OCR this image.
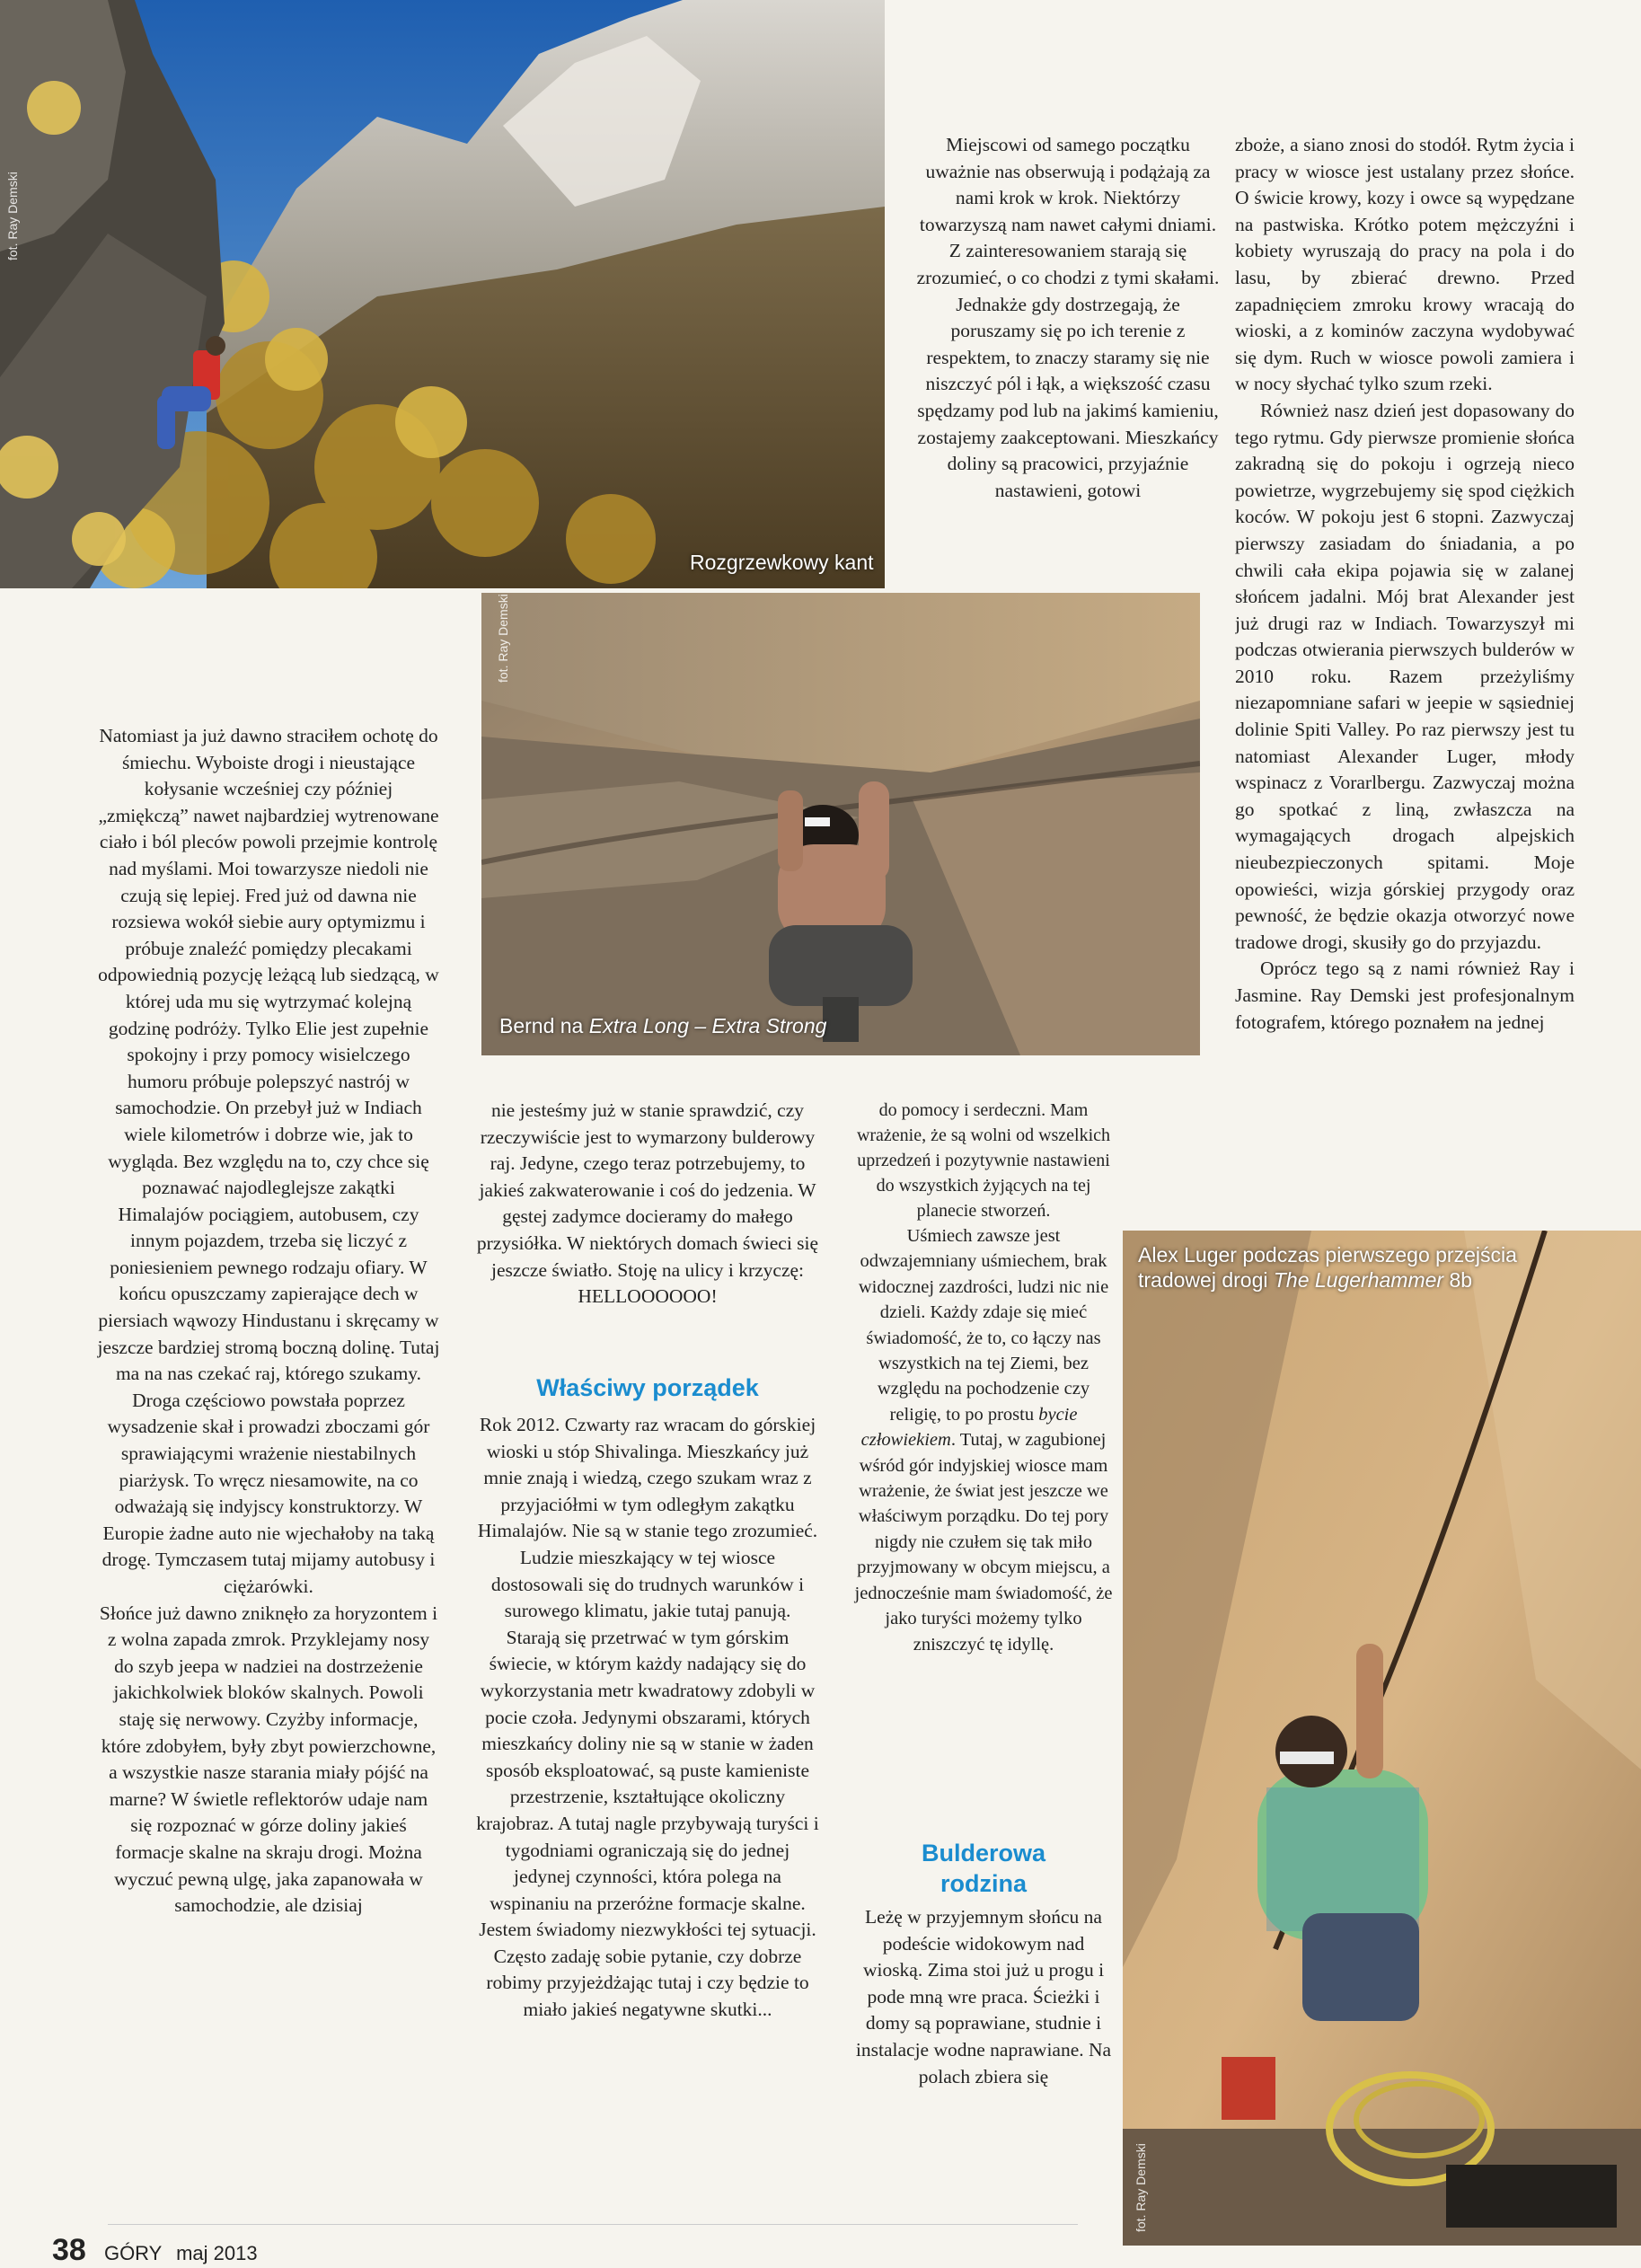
fot. Ray Demski
Rozgrzewkowy kant
fot. Ray Demski
Bernd na Extra Long – Extra Strong
Alex Luger podczas pierwszego przejścia
tradowej drogi The Lugerhammer 8b
fot. Ray Demski

Miejscowi od samego początku uważnie nas obserwują i podążają za nami krok w krok. Niektórzy towarzyszą nam nawet całymi dniami. Z zainteresowaniem starają się zrozumieć, o co chodzi z tymi skałami. Jednakże gdy dostrzegają, że poruszamy się po ich terenie z respektem, to znaczy staramy się nie niszczyć pól i łąk, a większość czasu spędzamy pod lub na jakimś kamieniu, zostajemy zaakceptowani. Mieszkańcy doliny są pracowici, przyjaźnie nastawieni, gotowi

zboże, a siano znosi do stodół. Rytm życia i pracy w wiosce jest ustalany przez słońce. O świcie krowy, kozy i owce są wypędzane na pastwiska. Krótko potem mężczyźni i kobiety wyruszają do pracy na pola i do lasu, by zbierać drewno. Przed zapadnięciem zmroku krowy wracają do wioski, a z kominów zaczyna wydobywać się dym. Ruch w wiosce powoli zamiera i w nocy słychać tylko szum rzeki.

Również nasz dzień jest dopasowany do tego rytmu. Gdy pierwsze promienie słońca zakradną się do pokoju i ogrzeją nieco powietrze, wygrzebujemy się spod ciężkich koców. W pokoju jest 6 stopni. Zazwyczaj pierwszy zasiadam do śniadania, a po chwili cała ekipa pojawia się w zalanej słońcem jadalni. Mój brat Alexander jest już drugi raz w Indiach. Towarzyszył mi podczas otwierania pierwszych bulderów w 2010 roku. Razem przeżyliśmy niezapomniane safari w jeepie w sąsiedniej dolinie Spiti Valley. Po raz pierwszy jest tu natomiast Alexander Luger, młody wspinacz z Vorarlbergu. Zazwyczaj można go spotkać z liną, zwłaszcza na wymagających drogach alpejskich nieubezpieczonych spitami. Moje opowieści, wizja górskiej przygody oraz pewność, że będzie okazja otworzyć nowe tradowe drogi, skusiły go do przyjazdu.

Oprócz tego są z nami również Ray i Jasmine. Ray Demski jest profesjonalnym fotografem, którego poznałem na jednej

Natomiast ja już dawno straciłem ochotę do śmiechu. Wyboiste drogi i nieustające kołysanie wcześniej czy później „zmiękczą” nawet najbardziej wytrenowane ciało i ból pleców powoli przejmie kontrolę nad myślami. Moi towarzysze niedoli nie czują się lepiej. Fred już od dawna nie rozsiewa wokół siebie aury optymizmu i próbuje znaleźć pomiędzy plecakami odpowiednią pozycję leżącą lub siedzącą, w której uda mu się wytrzymać kolejną godzinę podróży. Tylko Elie jest zupełnie spokojny i przy pomocy wisielczego humoru próbuje polepszyć nastrój w samochodzie. On przebył już w Indiach wiele kilometrów i dobrze wie, jak to wygląda. Bez względu na to, czy chce się poznawać najodleglejsze zakątki Himalajów pociągiem, autobusem, czy innym pojazdem, trzeba się liczyć z poniesieniem pewnego rodzaju ofiary. W końcu opuszczamy zapierające dech w piersiach wąwozy Hindustanu i skręcamy w jeszcze bardziej stromą boczną dolinę. Tutaj ma na nas czekać raj, którego szukamy. Droga częściowo powstała poprzez wysadzenie skał i prowadzi zboczami gór sprawiającymi wrażenie niestabilnych piarżysk. To wręcz niesamowite, na co odważają się indyjscy konstruktorzy. W Europie żadne auto nie wjechałoby na taką drogę. Tymczasem tutaj mijamy autobusy i ciężarówki.

Słońce już dawno zniknęło za horyzontem i z wolna zapada zmrok. Przyklejamy nosy do szyb jeepa w nadziei na dostrzeżenie jakichkolwiek bloków skalnych. Powoli staję się nerwowy. Czyżby informacje, które zdobyłem, były zbyt powierzchowne, a wszystkie nasze starania miały pójść na marne? W świetle reflektorów udaje nam się rozpoznać w górze doliny jakieś formacje skalne na skraju drogi. Można wyczuć pewną ulgę, jaka zapanowała w samochodzie, ale dzisiaj

nie jesteśmy już w stanie sprawdzić, czy rzeczywiście jest to wymarzony bulderowy raj. Jedyne, czego teraz potrzebujemy, to jakieś zakwaterowanie i coś do jedzenia. W gęstej zadymce docieramy do małego przysiółka. W niektórych domach świeci się jeszcze światło. Stoję na ulicy i krzyczę: HELLOOOOOO!

Właściwy porządek

Rok 2012. Czwarty raz wracam do górskiej wioski u stóp Shivalinga. Mieszkańcy już mnie znają i wiedzą, czego szukam wraz z przyjaciółmi w tym odległym zakątku Himalajów. Nie są w stanie tego zrozumieć. Ludzie mieszkający w tej wiosce dostosowali się do trudnych warunków i surowego klimatu, jakie tutaj panują. Starają się przetrwać w tym górskim świecie, w którym każdy nadający się do wykorzystania metr kwadratowy zdobyli w pocie czoła. Jedynymi obszarami, których mieszkańcy doliny nie są w stanie w żaden sposób eksploatować, są puste kamieniste przestrzenie, kształtujące okoliczny krajobraz. A tutaj nagle przybywają turyści i tygodniami ograniczają się do jednej jedynej czynności, która polega na wspinaniu na przeróżne formacje skalne. Jestem świadomy niezwykłości tej sytuacji. Często zadaję sobie pytanie, czy dobrze robimy przyjeżdżając tutaj i czy będzie to miało jakieś negatywne skutki...

do pomocy i serdeczni. Mam wrażenie, że są wolni od wszelkich uprzedzeń i pozytywnie nastawieni do wszystkich żyjących na tej planecie stworzeń.

Uśmiech zawsze jest odwzajemniany uśmiechem, brak widocznej zazdrości, ludzi nic nie dzieli. Każdy zdaje się mieć świadomość, że to, co łączy nas wszystkich na tej Ziemi, bez względu na pochodzenie czy religię, to po prostu bycie człowiekiem. Tutaj, w zagubionej wśród gór indyjskiej wiosce mam wrażenie, że świat jest jeszcze we właściwym porządku. Do tej pory nigdy nie czułem się tak miło przyjmowany w obcym miejscu, a jednocześnie mam świadomość, że jako turyści możemy tylko zniszczyć tę idyllę.

Bulderowa
rodzina

Leżę w przyjemnym słońcu na podeście widokowym nad wioską. Zima stoi już u progu i pode mną wre praca. Ścieżki i domy są poprawiane, studnie i instalacje wodne naprawiane. Na polach zbiera się

38 GÓRY maj 2013
